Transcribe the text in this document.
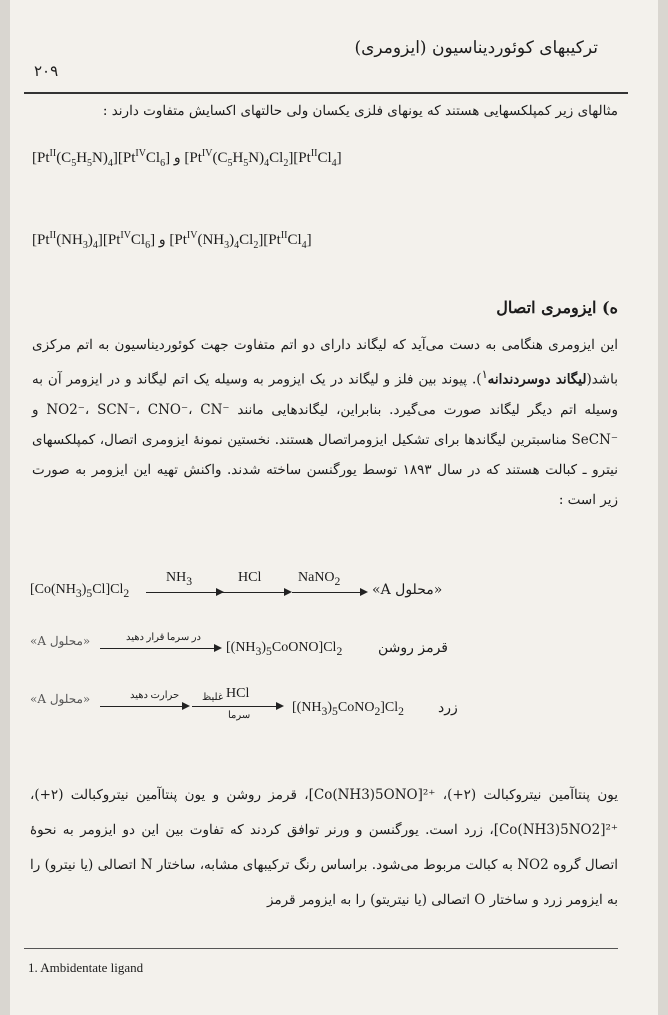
ترکیبهای کوئوردیناسیون (ایزومری)
۲۰۹
مثالهای زیر کمپلکسهایی هستند که یونهای فلزی یکسان ولی حالتهای اکسایش متفاوت دارند :
$[Pt^{II}(C_5H_5N)_4][Pt^{IV}Cl_6]$ و $[Pt^{IV}(C_5H_5N)_4Cl_2][Pt^{II}Cl_4]$
$[Pt^{II}(NH_3)_4][Pt^{IV}Cl_6]$ و $[Pt^{IV}(NH_3)_4Cl_2][Pt^{II}Cl_4]$
ه) ایزومری اتصال
این ایزومری هنگامی به دست می‌آید که لیگاند دارای دو اتم متفاوت جهت کوئوردیناسیون به اتم مرکزی باشد(لیگاند دوسردندانه$^۱$). پیوند بین فلز و لیگاند در یک ایزومر به وسیله یک اتم لیگاند و در ایزومر آن به وسیله اتم دیگر لیگاند صورت می‌گیرد. بنابراین، لیگاندهایی مانند ‎NO2⁻، SCN⁻، CNO⁻، CN⁻‎ و ‎SeCN⁻‎ مناسبترین لیگاندها برای تشکیل ایزومراتصال هستند. نخستین نمونهٔ ایزومری اتصال، کمپلکسهای نیترو ـ کبالت هستند که در سال ۱۸۹۳ توسط یورگنسن ساخته شدند. واکنش تهیه این ایزومر به صورت زیر است :
$[Co(NH_3)_5Cl]Cl_2$
$NH_3$	HCl	NaNO$_2$
«محلول A»
«محلول A»	در سرما قرار دهید
$[(NH_3)_5CoONO]Cl_2$	قرمز روشن
«محلول A»	حرارت دهید	HCl
غلیظ
سرما
$[(NH_3)_5CoNO_2]Cl_2$ زرد
یون پنتاآمین نیتروکبالت (‎+۲‎)، ‎[Co(NH3)5ONO]²⁺‎، قرمز روشن و یون پنتاآمین نیتروکبالت (‎+۲‎)، ‎[Co(NH3)5NO2]²⁺‎، زرد است. یورگنسن و ورنر توافق کردند که تفاوت بین این دو ایزومر به نحوهٔ اتصال گروه ‎NO2‎ به کبالت مربوط می‌شود. براساس رنگ ترکیبهای مشابه، ساختار N اتصالی (یا نیترو) را به ایزومر زرد و ساختار O اتصالی (یا نیتریتو) را به ایزومر قرمز
1. Ambidentate ligand
